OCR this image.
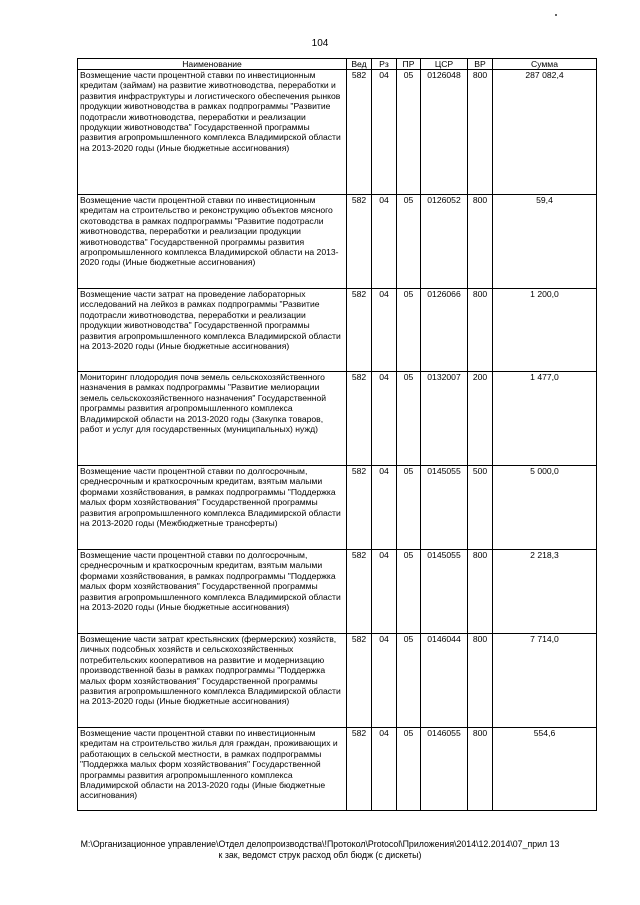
104
Наименование	Вед	Рз	ПР	ЦСР	ВР	Сумма
Возмещение части процентной ставки по инвестиционным кредитам (займам) на развитие животноводства, переработки и развития инфраструктуры и логистического обеспечения рынков продукции животноводства в рамках подпрограммы "Развитие подотрасли животноводства, переработки и реализации продукции животноводства" Государственной программы развития агропромышленного комплекса Владимирской области на 2013-2020 годы (Иные бюджетные ассигнования)	582	04	05	0126048	800	287 082,4
Возмещение части процентной ставки по инвестиционным кредитам на строительство и реконструкцию объектов мясного скотоводства в рамках подпрограммы "Развитие подотрасли животноводства, переработки и реализации продукции животноводства" Государственной программы развития агропромышленного комплекса Владимирской области на 2013-2020 годы (Иные бюджетные ассигнования)	582	04	05	0126052	800	59,4
Возмещение части затрат на проведение лабораторных исследований на лейкоз в рамках подпрограммы "Развитие подотрасли животноводства, переработки и реализации продукции животноводства" Государственной программы развития агропромышленного комплекса Владимирской области на 2013-2020 годы (Иные бюджетные ассигнования)	582	04	05	0126066	800	1 200,0
Мониторинг плодородия почв земель сельскохозяйственного назначения в рамках подпрограммы "Развитие мелиорации земель сельскохозяйственного назначения" Государственной программы развития агропромышленного комплекса Владимирской области на 2013-2020 годы (Закупка товаров, работ и услуг для государственных (муниципальных) нужд)	582	04	05	0132007	200	1 477,0
Возмещение части процентной ставки по долгосрочным, среднесрочным и краткосрочным кредитам, взятым малыми формами хозяйствования, в рамках подпрограммы "Поддержка малых форм хозяйствования" Государственной программы развития агропромышленного комплекса Владимирской области на 2013-2020 годы (Межбюджетные трансферты)	582	04	05	0145055	500	5 000,0
Возмещение части процентной ставки по долгосрочным, среднесрочным и краткосрочным кредитам, взятым малыми формами хозяйствования, в рамках подпрограммы "Поддержка малых форм хозяйствования" Государственной программы развития агропромышленного комплекса Владимирской области на 2013-2020 годы (Иные бюджетные ассигнования)	582	04	05	0145055	800	2 218,3
Возмещение части затрат крестьянских (фермерских) хозяйств, личных подсобных хозяйств и сельскохозяйственных потребительских кооперативов на развитие и модернизацию производственной базы в рамках подпрограммы "Поддержка малых форм хозяйствования" Государственной программы развития агропромышленного комплекса Владимирской области на 2013-2020 годы (Иные бюджетные ассигнования)	582	04	05	0146044	800	7 714,0
Возмещение части процентной ставки по инвестиционным кредитам на строительство жилья для граждан, проживающих и работающих в сельской местности, в рамках подпрограммы "Поддержка малых форм хозяйствования" Государственной программы развития агропромышленного комплекса Владимирской области на 2013-2020 годы (Иные бюджетные ассигнования)	582	04	05	0146055	800	554,6
M:\Организационное управление\Отдел делопроизводства\!Протокол\Protocol\Приложения\2014\12.2014\07_прил 13
к зак, ведомст струк расход обл бюдж (с дискеты)
